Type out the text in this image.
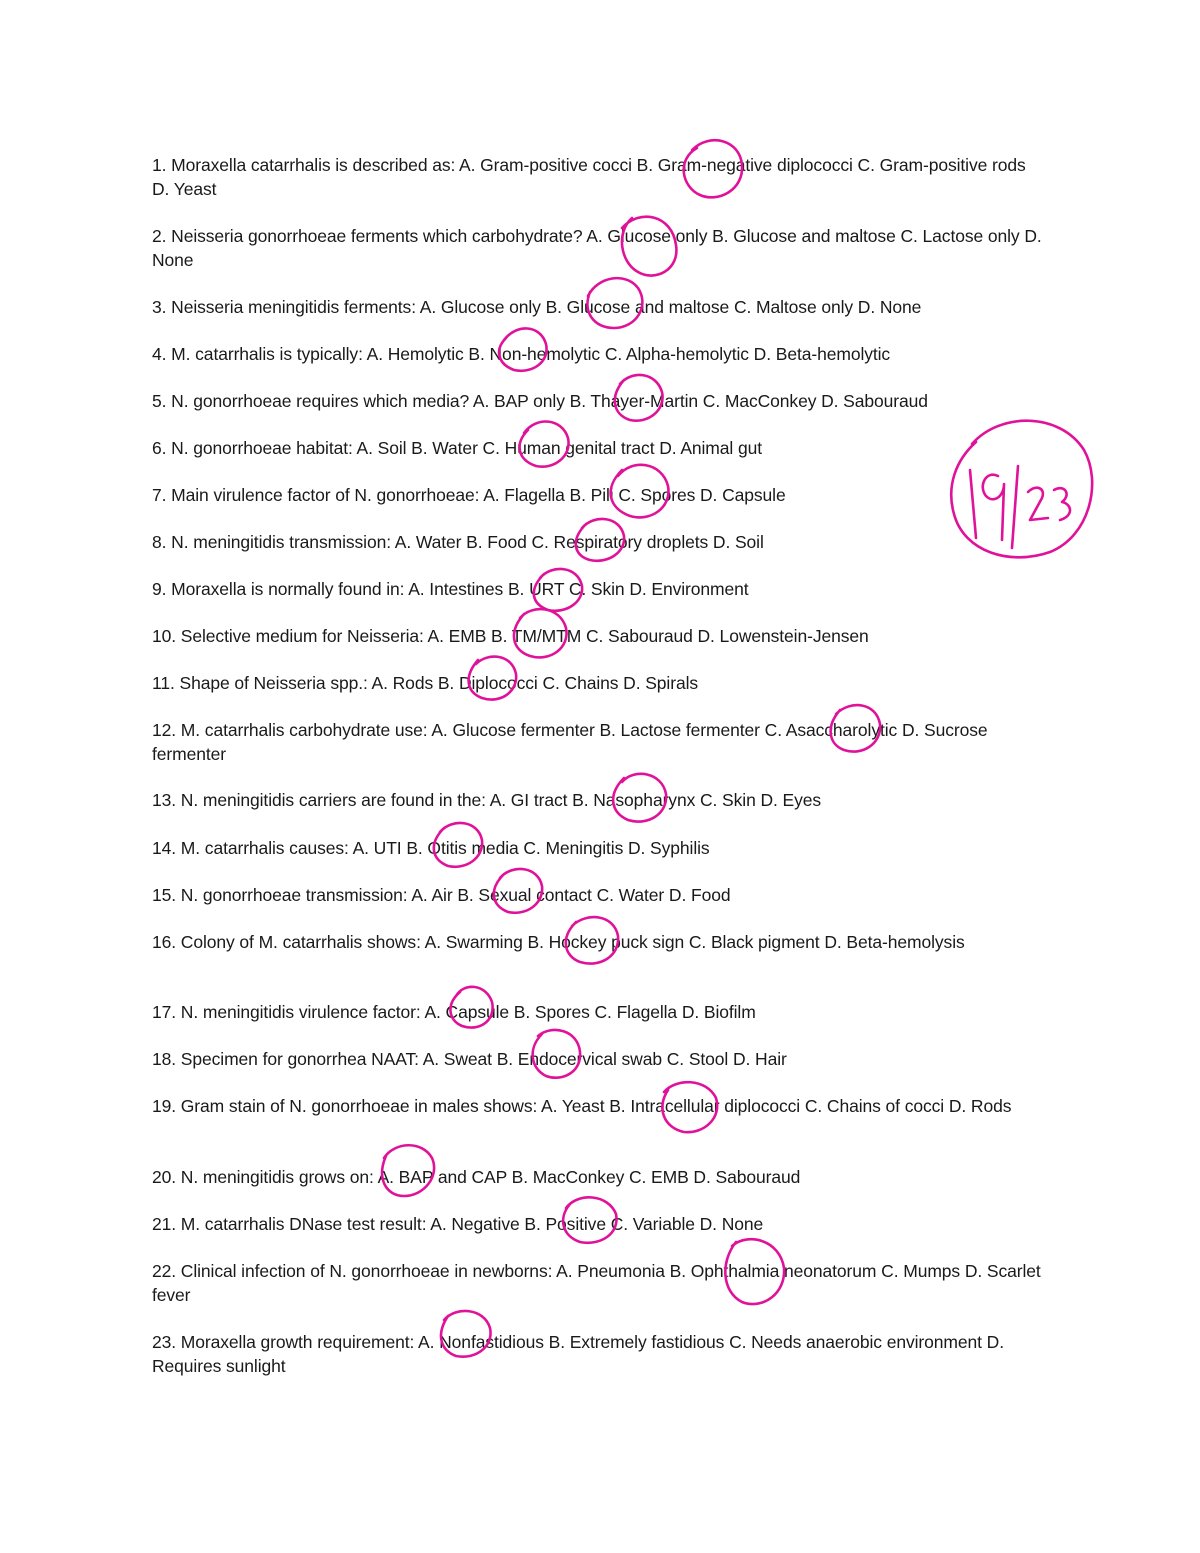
1. Moraxella catarrhalis is described as: A. Gram-positive cocci B. Gram-negative diplococci C. Gram-positive rods D. Yeast

2. Neisseria gonorrhoeae ferments which carbohydrate? A. Glucose only B. Glucose and maltose C. Lactose only D. None

3. Neisseria meningitidis ferments: A. Glucose only B. Glucose and maltose C. Maltose only D. None

4. M. catarrhalis is typically: A. Hemolytic B. Non-hemolytic C. Alpha-hemolytic D. Beta-hemolytic

5. N. gonorrhoeae requires which media? A. BAP only B. Thayer-Martin C. MacConkey D. Sabouraud

6. N. gonorrhoeae habitat: A. Soil B. Water C. Human genital tract D. Animal gut

7. Main virulence factor of N. gonorrhoeae: A. Flagella B. Pili C. Spores D. Capsule

8. N. meningitidis transmission: A. Water B. Food C. Respiratory droplets D. Soil

9. Moraxella is normally found in: A. Intestines B. URT C. Skin D. Environment

10. Selective medium for Neisseria: A. EMB B. TM/MTM C. Sabouraud D. Lowenstein-Jensen

11. Shape of Neisseria spp.: A. Rods B. Diplococci C. Chains D. Spirals

12. M. catarrhalis carbohydrate use: A. Glucose fermenter B. Lactose fermenter C. Asaccharolytic D. Sucrose fermenter

13. N. meningitidis carriers are found in the: A. GI tract B. Nasopharynx C. Skin D. Eyes

14. M. catarrhalis causes: A. UTI B. Otitis media C. Meningitis D. Syphilis

15. N. gonorrhoeae transmission: A. Air B. Sexual contact C. Water D. Food

16. Colony of M. catarrhalis shows: A. Swarming B. Hockey puck sign C. Black pigment D. Beta-hemolysis

17. N. meningitidis virulence factor: A. Capsule B. Spores C. Flagella D. Biofilm

18. Specimen for gonorrhea NAAT: A. Sweat B. Endocervical swab C. Stool D. Hair

19. Gram stain of N. gonorrhoeae in males shows: A. Yeast B. Intracellular diplococci C. Chains of cocci D. Rods

20. N. meningitidis grows on: A. BAP and CAP B. MacConkey C. EMB D. Sabouraud

21. M. catarrhalis DNase test result: A. Negative B. Positive C. Variable D. None

22. Clinical infection of N. gonorrhoeae in newborns: A. Pneumonia B. Ophthalmia neonatorum C. Mumps D. Scarlet fever

23. Moraxella growth requirement: A. Nonfastidious B. Extremely fastidious C. Needs anaerobic environment D. Requires sunlight
